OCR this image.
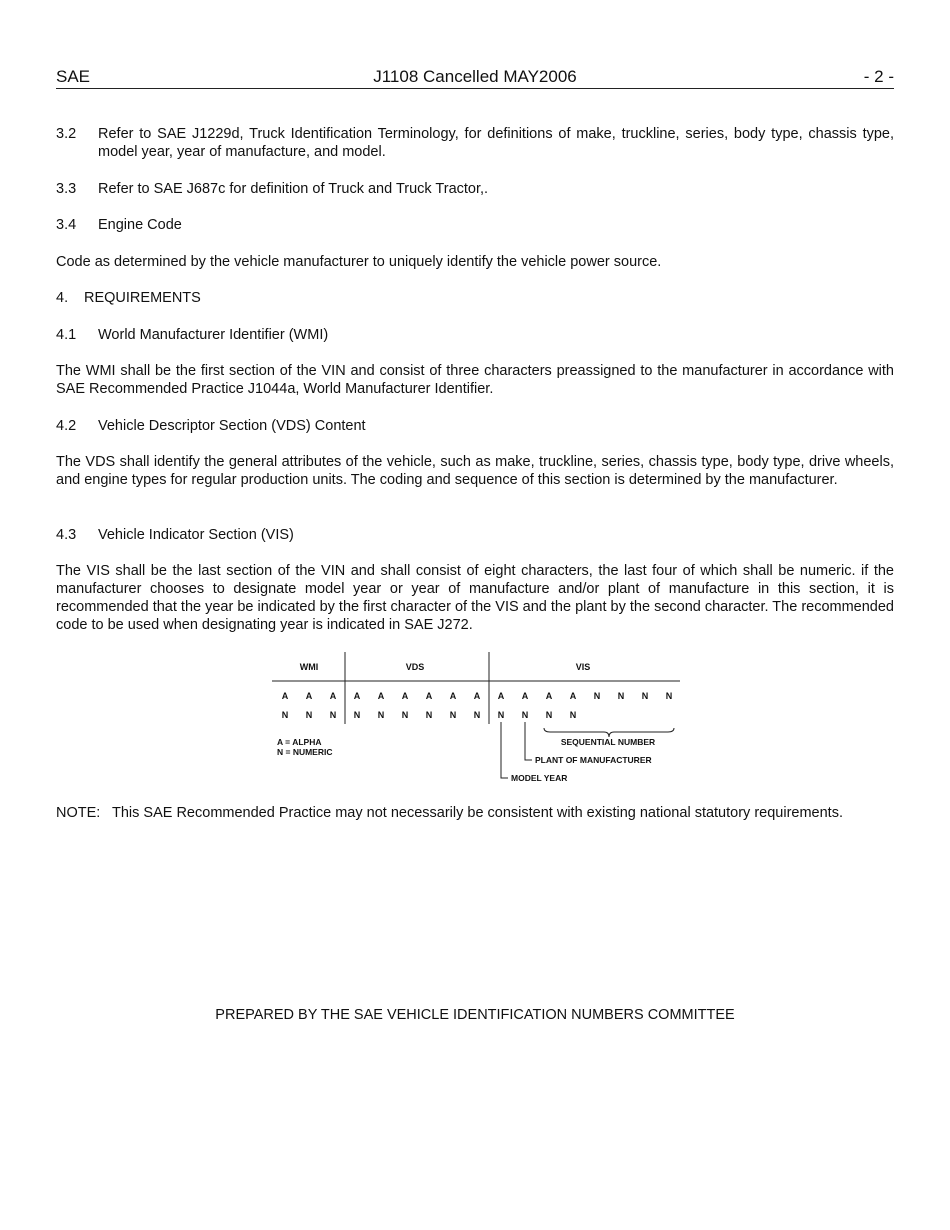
SAE	J1108 Cancelled MAY2006	- 2 -
3.2 Refer to SAE J1229d, Truck Identification Terminology, for definitions of make, truckline, series, body type, chassis type, model year, year of manufacture, and model.
3.3 Refer to SAE J687c for definition of Truck and Truck Tractor,.
3.4 Engine Code
Code as determined by the vehicle manufacturer to uniquely identify the vehicle power source.
4. REQUIREMENTS
4.1 World Manufacturer Identifier (WMI)
The WMI shall be the first section of the VIN and consist of three characters preassigned to the manufacturer in accordance with SAE Recommended Practice J1044a, World Manufacturer Identifier.
4.2 Vehicle Descriptor Section (VDS) Content
The VDS shall identify the general attributes of the vehicle, such as make, truckline, series, chassis type, body type, drive wheels, and engine types for regular production units. The coding and sequence of this section is determined by the manufacturer.
4.3 Vehicle Indicator Section (VIS)
The VIS shall be the last section of the VIN and shall consist of eight characters, the last four of which shall be numeric. if the manufacturer chooses to designate model year or year of manufacture and/or plant of manufacture in this section, it is recommended that the year be indicated by the first character of the VIS and the plant by the second character. The recommended code to be used when designating year is indicated in SAE J272.
WMI	VDS	VIS
A A A A A A A A A A A A A N N N N
N N N N N N N N N N N N N
A = ALPHA
N = NUMERIC
SEQUENTIAL NUMBER
PLANT OF MANUFACTURER
MODEL YEAR
NOTE: This SAE Recommended Practice may not necessarily be consistent with existing national statutory requirements.
PREPARED BY THE SAE VEHICLE IDENTIFICATION NUMBERS COMMITTEE
